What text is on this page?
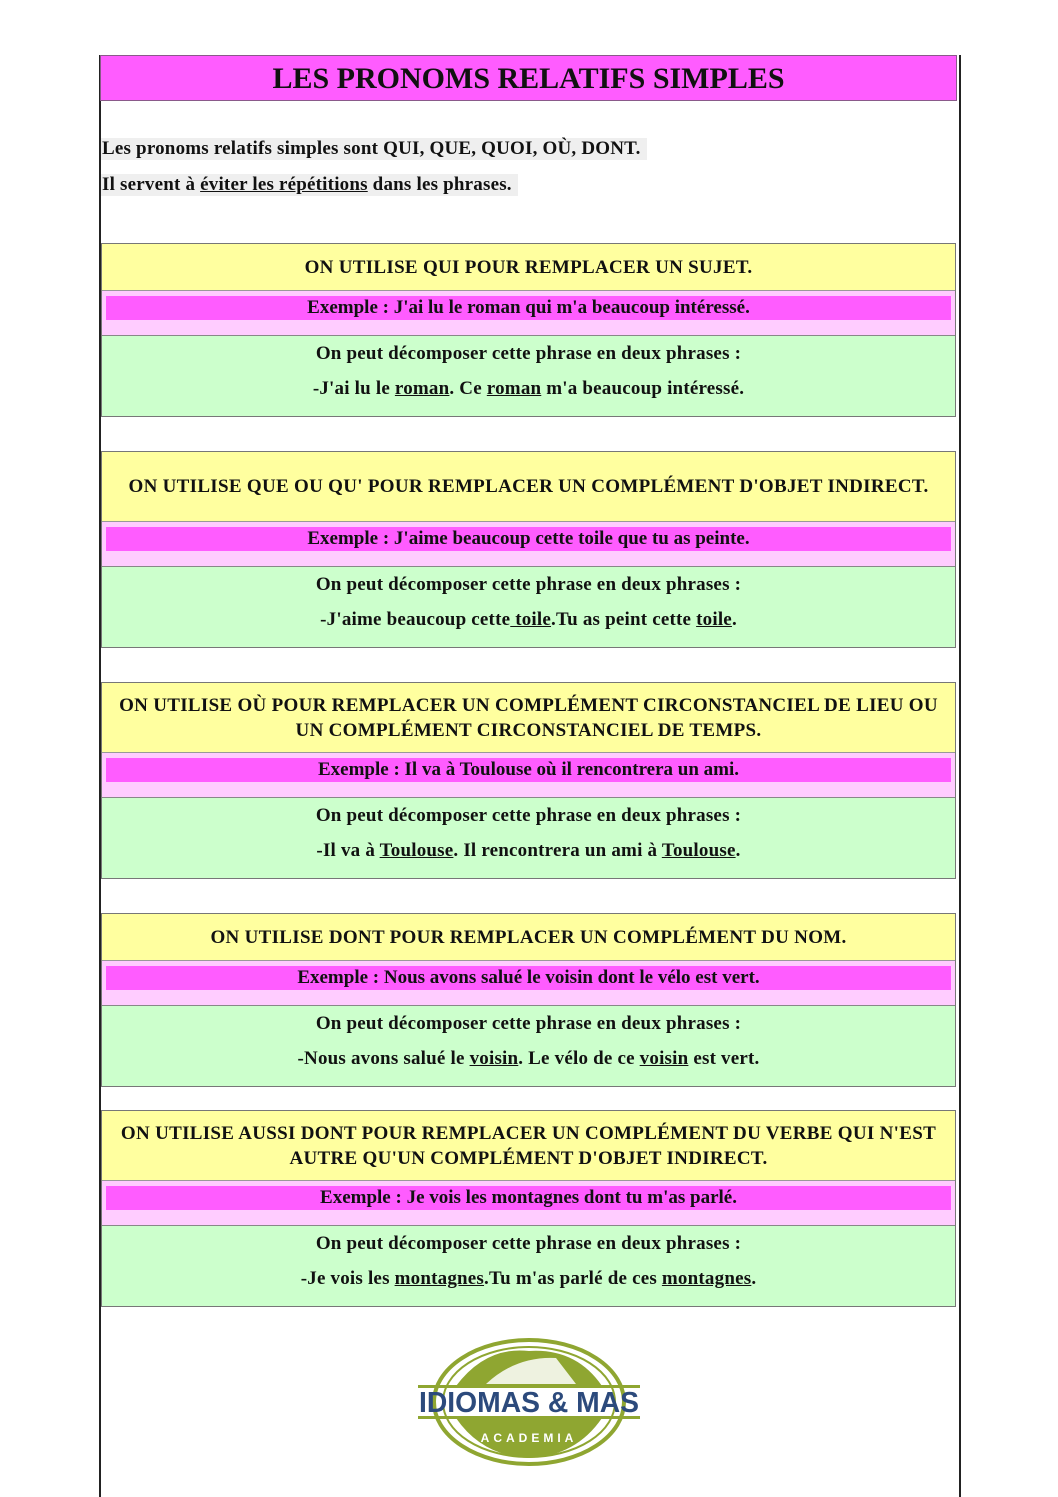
LES PRONOMS RELATIFS SIMPLES
Les pronoms relatifs simples sont QUI, QUE, QUOI, OÙ, DONT.
Il servent à éviter les répétitions dans les phrases.
ON UTILISE QUI POUR REMPLACER UN SUJET.
Exemple : J'ai lu le roman qui m'a beaucoup intéressé.

On peut décomposer cette phrase en deux phrases :

-J'ai lu le roman. Ce roman m'a beaucoup intéressé.

ON UTILISE QUE OU QU' POUR REMPLACER UN COMPLÉMENT D'OBJET INDIRECT.
Exemple : J'aime beaucoup cette toile que tu as peinte.

On peut décomposer cette phrase en deux phrases :

-J'aime beaucoup cette toile.Tu as peint cette toile.

ON UTILISE OÙ POUR REMPLACER UN COMPLÉMENT CIRCONSTANCIEL DE LIEU OU UN COMPLÉMENT CIRCONSTANCIEL DE TEMPS.
Exemple : Il va à Toulouse où il rencontrera un ami.

On peut décomposer cette phrase en deux phrases :

-Il va à Toulouse. Il rencontrera un ami à Toulouse.

ON UTILISE DONT POUR REMPLACER UN COMPLÉMENT DU NOM.
Exemple : Nous avons salué le voisin dont le vélo est vert.

On peut décomposer cette phrase en deux phrases :

-Nous avons salué le voisin. Le vélo de ce voisin est vert.

ON UTILISE AUSSI DONT POUR REMPLACER UN COMPLÉMENT DU VERBE QUI N'EST AUTRE QU'UN COMPLÉMENT D'OBJET INDIRECT.
Exemple : Je vois les montagnes dont tu m'as parlé.

On peut décomposer cette phrase en deux phrases :

-Je vois les montagnes.Tu m'as parlé de ces montagnes.

IDIOMAS & MAS
ACADEMIA
